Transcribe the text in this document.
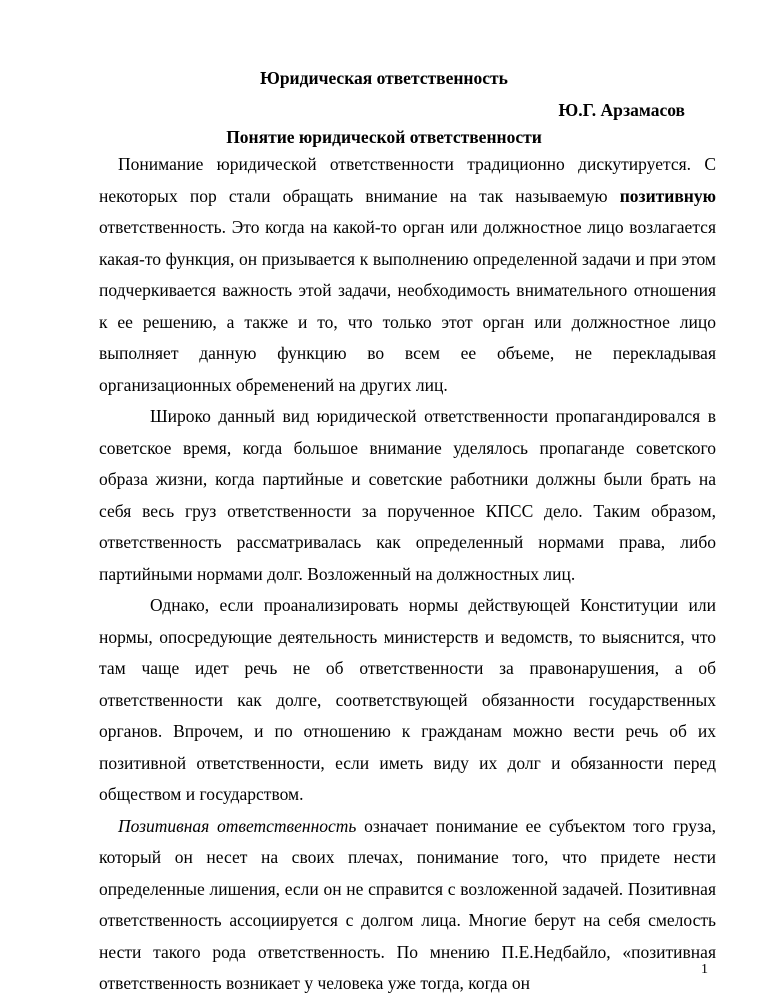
Юридическая ответственность
Ю.Г. Арзамасов
Понятие юридической ответственности

Понимание юридической ответственности традиционно дискутируется. С некоторых пор стали обращать внимание на так называемую позитивную ответственность. Это когда на какой-то орган или должностное лицо возлагается какая-то функция, он призывается к выполнению определенной задачи и при этом подчеркивается важность этой задачи, необходимость внимательного отношения к ее решению, а также и то, что только этот орган или должностное лицо выполняет данную функцию во всем ее объеме, не перекладывая организационных обременений на других лиц.

Широко данный вид юридической ответственности пропагандировался в советское время, когда большое внимание уделялось пропаганде советского образа жизни, когда партийные и советские работники должны были брать на себя весь груз ответственности за порученное КПСС дело. Таким образом, ответственность рассматривалась как определенный нормами права, либо партийными нормами долг. Возложенный на должностных лиц.

Однако, если проанализировать нормы действующей Конституции или нормы, опосредующие деятельность министерств и ведомств, то выяснится, что там чаще идет речь не об ответственности за правонарушения, а об ответственности как долге, соответствующей обязанности государственных органов. Впрочем, и по отношению к гражданам можно вести речь об их позитивной ответственности, если иметь виду их долг и обязанности перед обществом и государством.

Позитивная ответственность означает понимание ее субъектом того груза, который он несет на своих плечах, понимание того, что придете нести определенные лишения, если он не справится с возложенной задачей. Позитивная ответственность ассоциируется с долгом лица. Многие берут на себя смелость нести такого рода ответственность. По мнению П.Е.Недбайло, «позитивная ответственность возникает у человека уже тогда, когда он

1
